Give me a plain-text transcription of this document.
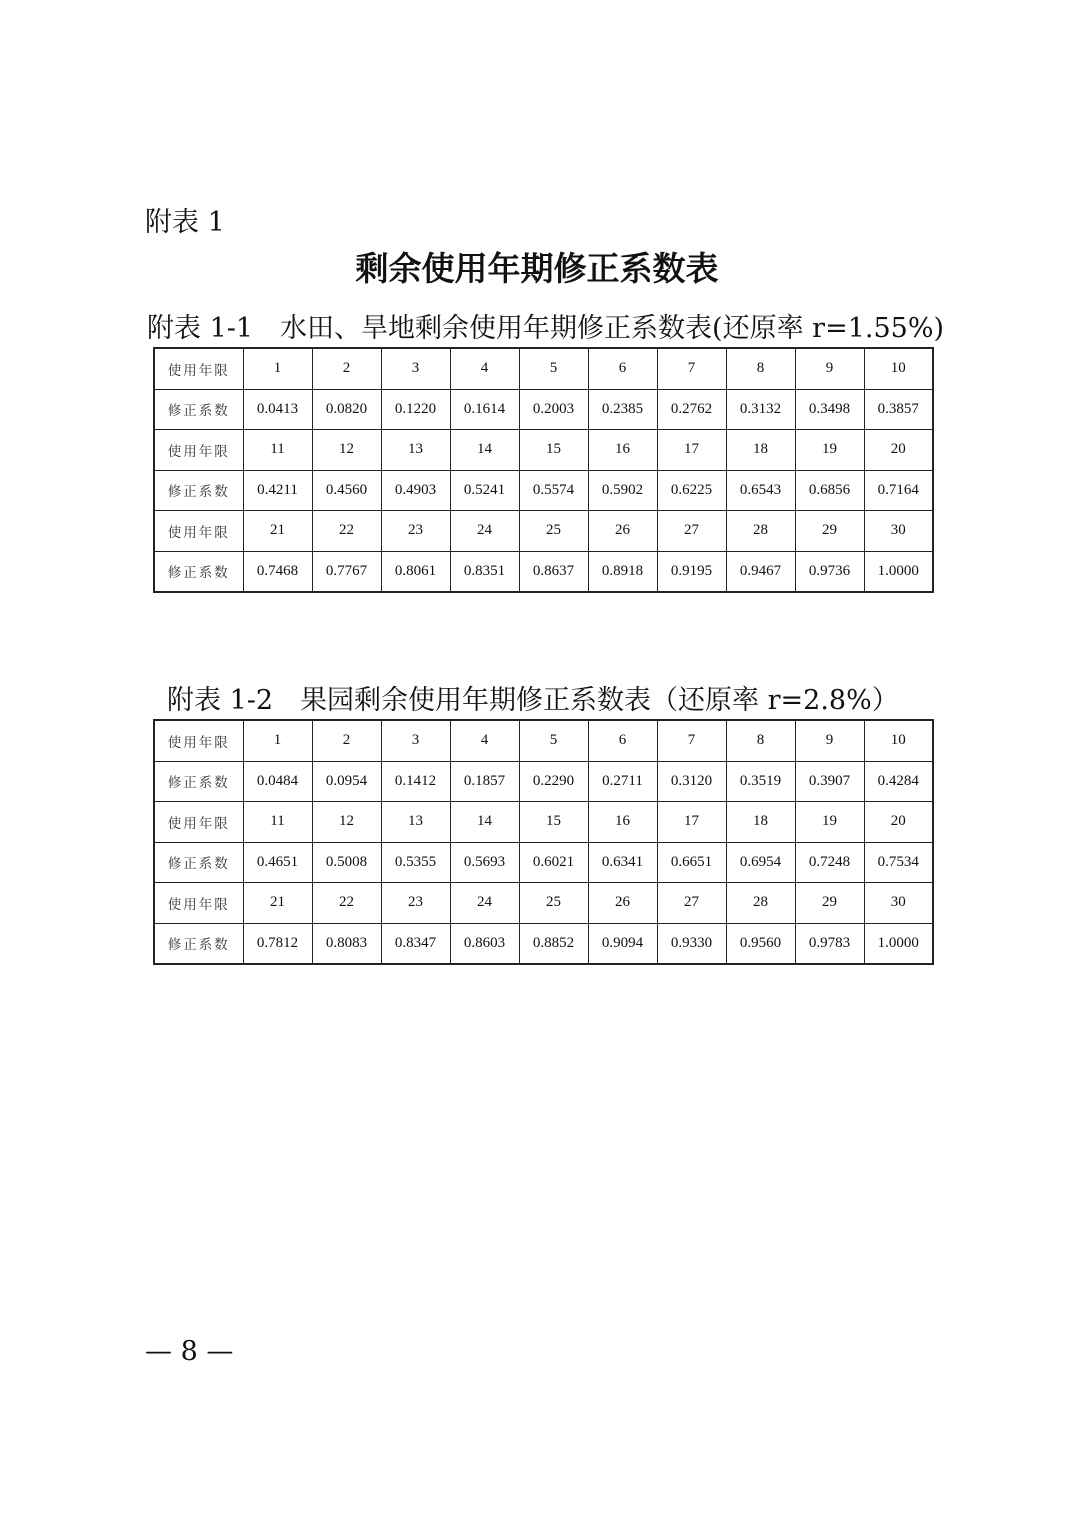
附表 1
剩余使用年期修正系数表
附表 1-1　水田、旱地剩余使用年期修正系数表(还原率 r=1.55%)
使用年限	1	2	3	4	5	6	7	8	9	10
修正系数	0.0413	0.0820	0.1220	0.1614	0.2003	0.2385	0.2762	0.3132	0.3498	0.3857
使用年限	11	12	13	14	15	16	17	18	19	20
修正系数	0.4211	0.4560	0.4903	0.5241	0.5574	0.5902	0.6225	0.6543	0.6856	0.7164
使用年限	21	22	23	24	25	26	27	28	29	30
修正系数	0.7468	0.7767	0.8061	0.8351	0.8637	0.8918	0.9195	0.9467	0.9736	1.0000
附表 1-2　果园剩余使用年期修正系数表（还原率 r=2.8%）
使用年限	1	2	3	4	5	6	7	8	9	10
修正系数	0.0484	0.0954	0.1412	0.1857	0.2290	0.2711	0.3120	0.3519	0.3907	0.4284
使用年限	11	12	13	14	15	16	17	18	19	20
修正系数	0.4651	0.5008	0.5355	0.5693	0.6021	0.6341	0.6651	0.6954	0.7248	0.7534
使用年限	21	22	23	24	25	26	27	28	29	30
修正系数	0.7812	0.8083	0.8347	0.8603	0.8852	0.9094	0.9330	0.9560	0.9783	1.0000
— 8 —
